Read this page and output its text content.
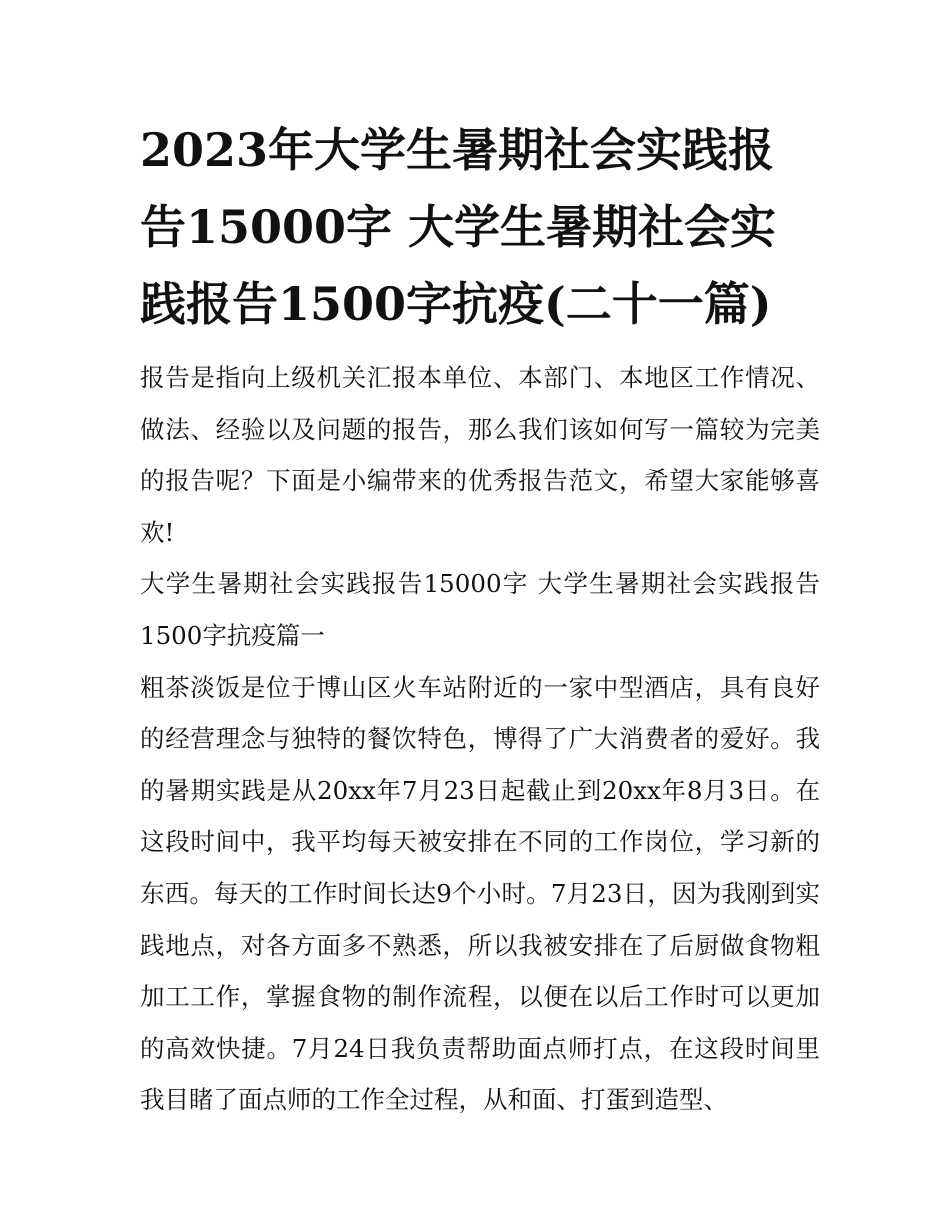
2023年大学生暑期社会实践报告15000字 大学生暑期社会实践报告1500字抗疫(二十一篇)

报告是指向上级机关汇报本单位、本部门、本地区工作情况、做法、经验以及问题的报告，那么我们该如何写一篇较为完美的报告呢？下面是小编带来的优秀报告范文，希望大家能够喜欢!

大学生暑期社会实践报告15000字 大学生暑期社会实践报告1500字抗疫篇一

粗茶淡饭是位于博山区火车站附近的一家中型酒店，具有良好的经营理念与独特的餐饮特色，博得了广大消费者的爱好。我的暑期实践是从20xx年7月23日起截止到20xx年8月3日。在这段时间中，我平均每天被安排在不同的工作岗位，学习新的东西。每天的工作时间长达9个小时。7月23日，因为我刚到实践地点，对各方面多不熟悉，所以我被安排在了后厨做食物粗加工工作，掌握食物的制作流程，以便在以后工作时可以更加的高效快捷。7月24日我负责帮助面点师打点，在这段时间里我目睹了面点师的工作全过程，从和面、打蛋到造型、
